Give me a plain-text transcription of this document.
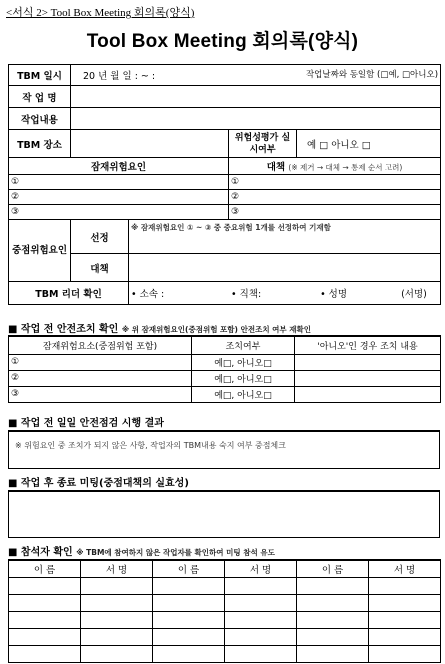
<서식 2> Tool Box Meeting 회의록(양식)
Tool Box Meeting 회의록(양식)
TBM 일시	20 년 월 일 : ~ : 작업날짜와 동일함 (□예, □아니오)			

작 업 명				
작업내용				
TBM 장소			위험성평가 실시여부	예 □ 아니오 □
잠재위험요인			대책 (※ 제거 → 대체 → 통제 순서 고려)	
①			①	
②			②	
③			③	
중점위험요인	선정	※ 잠재위험요인 ① ~ ③ 중 중요위험 1개를 선정하여 기재함		
	대책			
TBM 리더 확인		• 소속 : • 직책: • 성명 (서명)		
■ 작업 전 안전조치 확인 ※ 위 잠재위험요인(중점위험 포함) 안전조치 여부 재확인
잠재위험요소(중점위험 포함)	조치여부	'아니오'인 경우 조치 내용
①	예□, 아니오□	
②	예□, 아니오□	
③	예□, 아니오□	
■ 작업 전 일일 안전점검 시행 결과
※ 위험요인 중 조치가 되지 않은 사항, 작업자의 TBM내용 숙지 여부 중점체크
■ 작업 후 종료 미팅(중점대책의 실효성)
■ 참석자 확인 ※ TBM에 참여하지 않은 작업자를 확인하여 미팅 참석 유도
이 름	서 명	이 름	서 명	이 름	서 명
